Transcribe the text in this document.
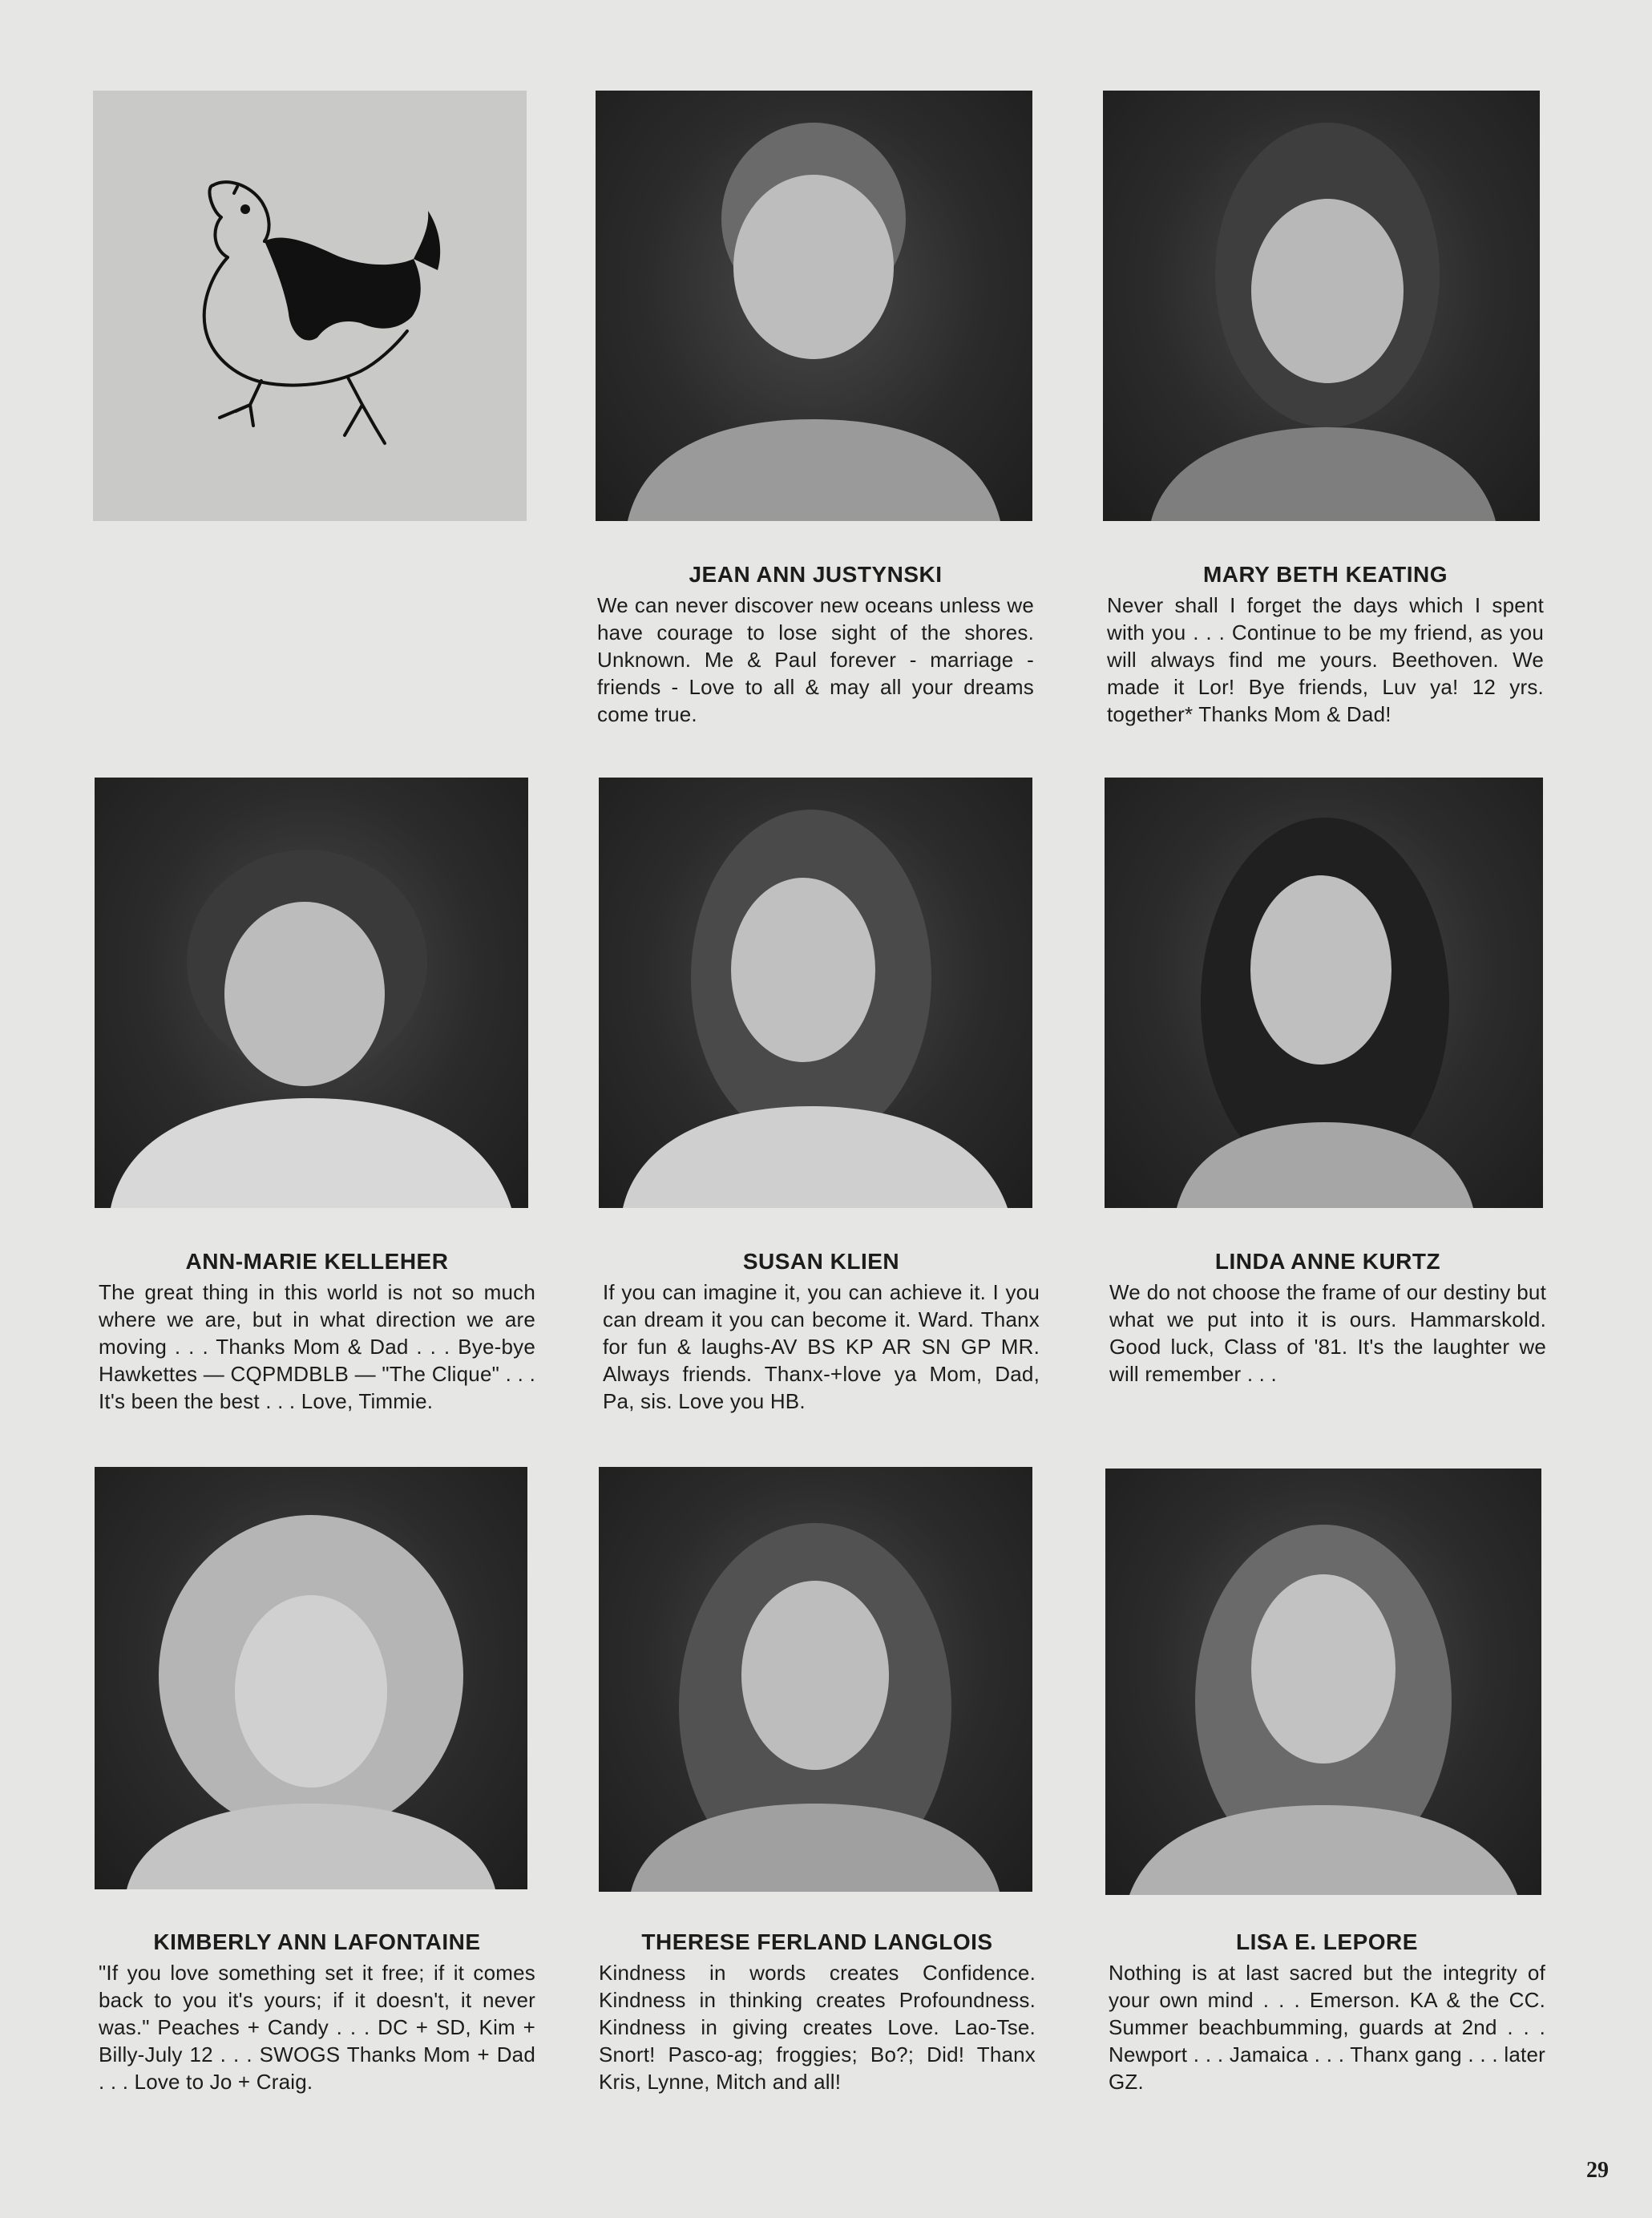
JEAN ANN JUSTYNSKI

We can never discover new oceans unless we have courage to lose sight of the shores. Unknown. Me & Paul forever - marriage - friends - Love to all & may all your dreams come true.

MARY BETH KEATING

Never shall I forget the days which I spent with you . . . Continue to be my friend, as you will always find me yours. Beethoven. We made it Lor! Bye friends, Luv ya! 12 yrs. together* Thanks Mom & Dad!

ANN-MARIE KELLEHER

The great thing in this world is not so much where we are, but in what direction we are moving . . . Thanks Mom & Dad . . . Bye-bye Hawkettes — CQPMDBLB — "The Clique" . . . It's been the best . . . Love, Timmie.

SUSAN KLIEN

If you can imagine it, you can achieve it. I you can dream it you can become it. Ward. Thanx for fun & laughs-AV BS KP AR SN GP MR. Always friends. Thanx-+love ya Mom, Dad, Pa, sis. Love you HB.

LINDA ANNE KURTZ

We do not choose the frame of our destiny but what we put into it is ours. Hammarskold. Good luck, Class of '81. It's the laughter we will remember . . .

KIMBERLY ANN LAFONTAINE

"If you love something set it free; if it comes back to you it's yours; if it doesn't, it never was." Peaches + Candy . . . DC + SD, Kim + Billy-July 12 . . . SWOGS Thanks Mom + Dad . . . Love to Jo + Craig.

THERESE FERLAND LANGLOIS

Kindness in words creates Confidence. Kindness in thinking creates Profoundness. Kindness in giving creates Love. Lao-Tse. Snort! Pasco-ag; froggies; Bo?; Did! Thanx Kris, Lynne, Mitch and all!

LISA E. LEPORE

Nothing is at last sacred but the integrity of your own mind . . . Emerson. KA & the CC. Summer beachbumming, guards at 2nd . . . Newport . . . Jamaica . . . Thanx gang . . . later GZ.

29
